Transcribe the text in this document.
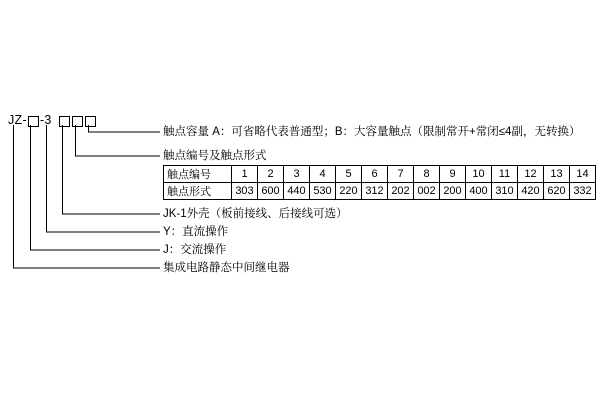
JZ- - 3
触点容量 A：可省略代表普通型；B：大容量触点（限制常开+常闭≤4副，无转换）
触点编号及触点形式
JK-1外壳（板前接线、后接线可选）
Y：直流操作
J：交流操作
集成电路静态中间继电器
触点编号	1	2	3	4	5	6	7	8	9	10	11	12	13	14
触点形式	303	600	440	530	220	312	202	002	200	400	310	420	620	332
